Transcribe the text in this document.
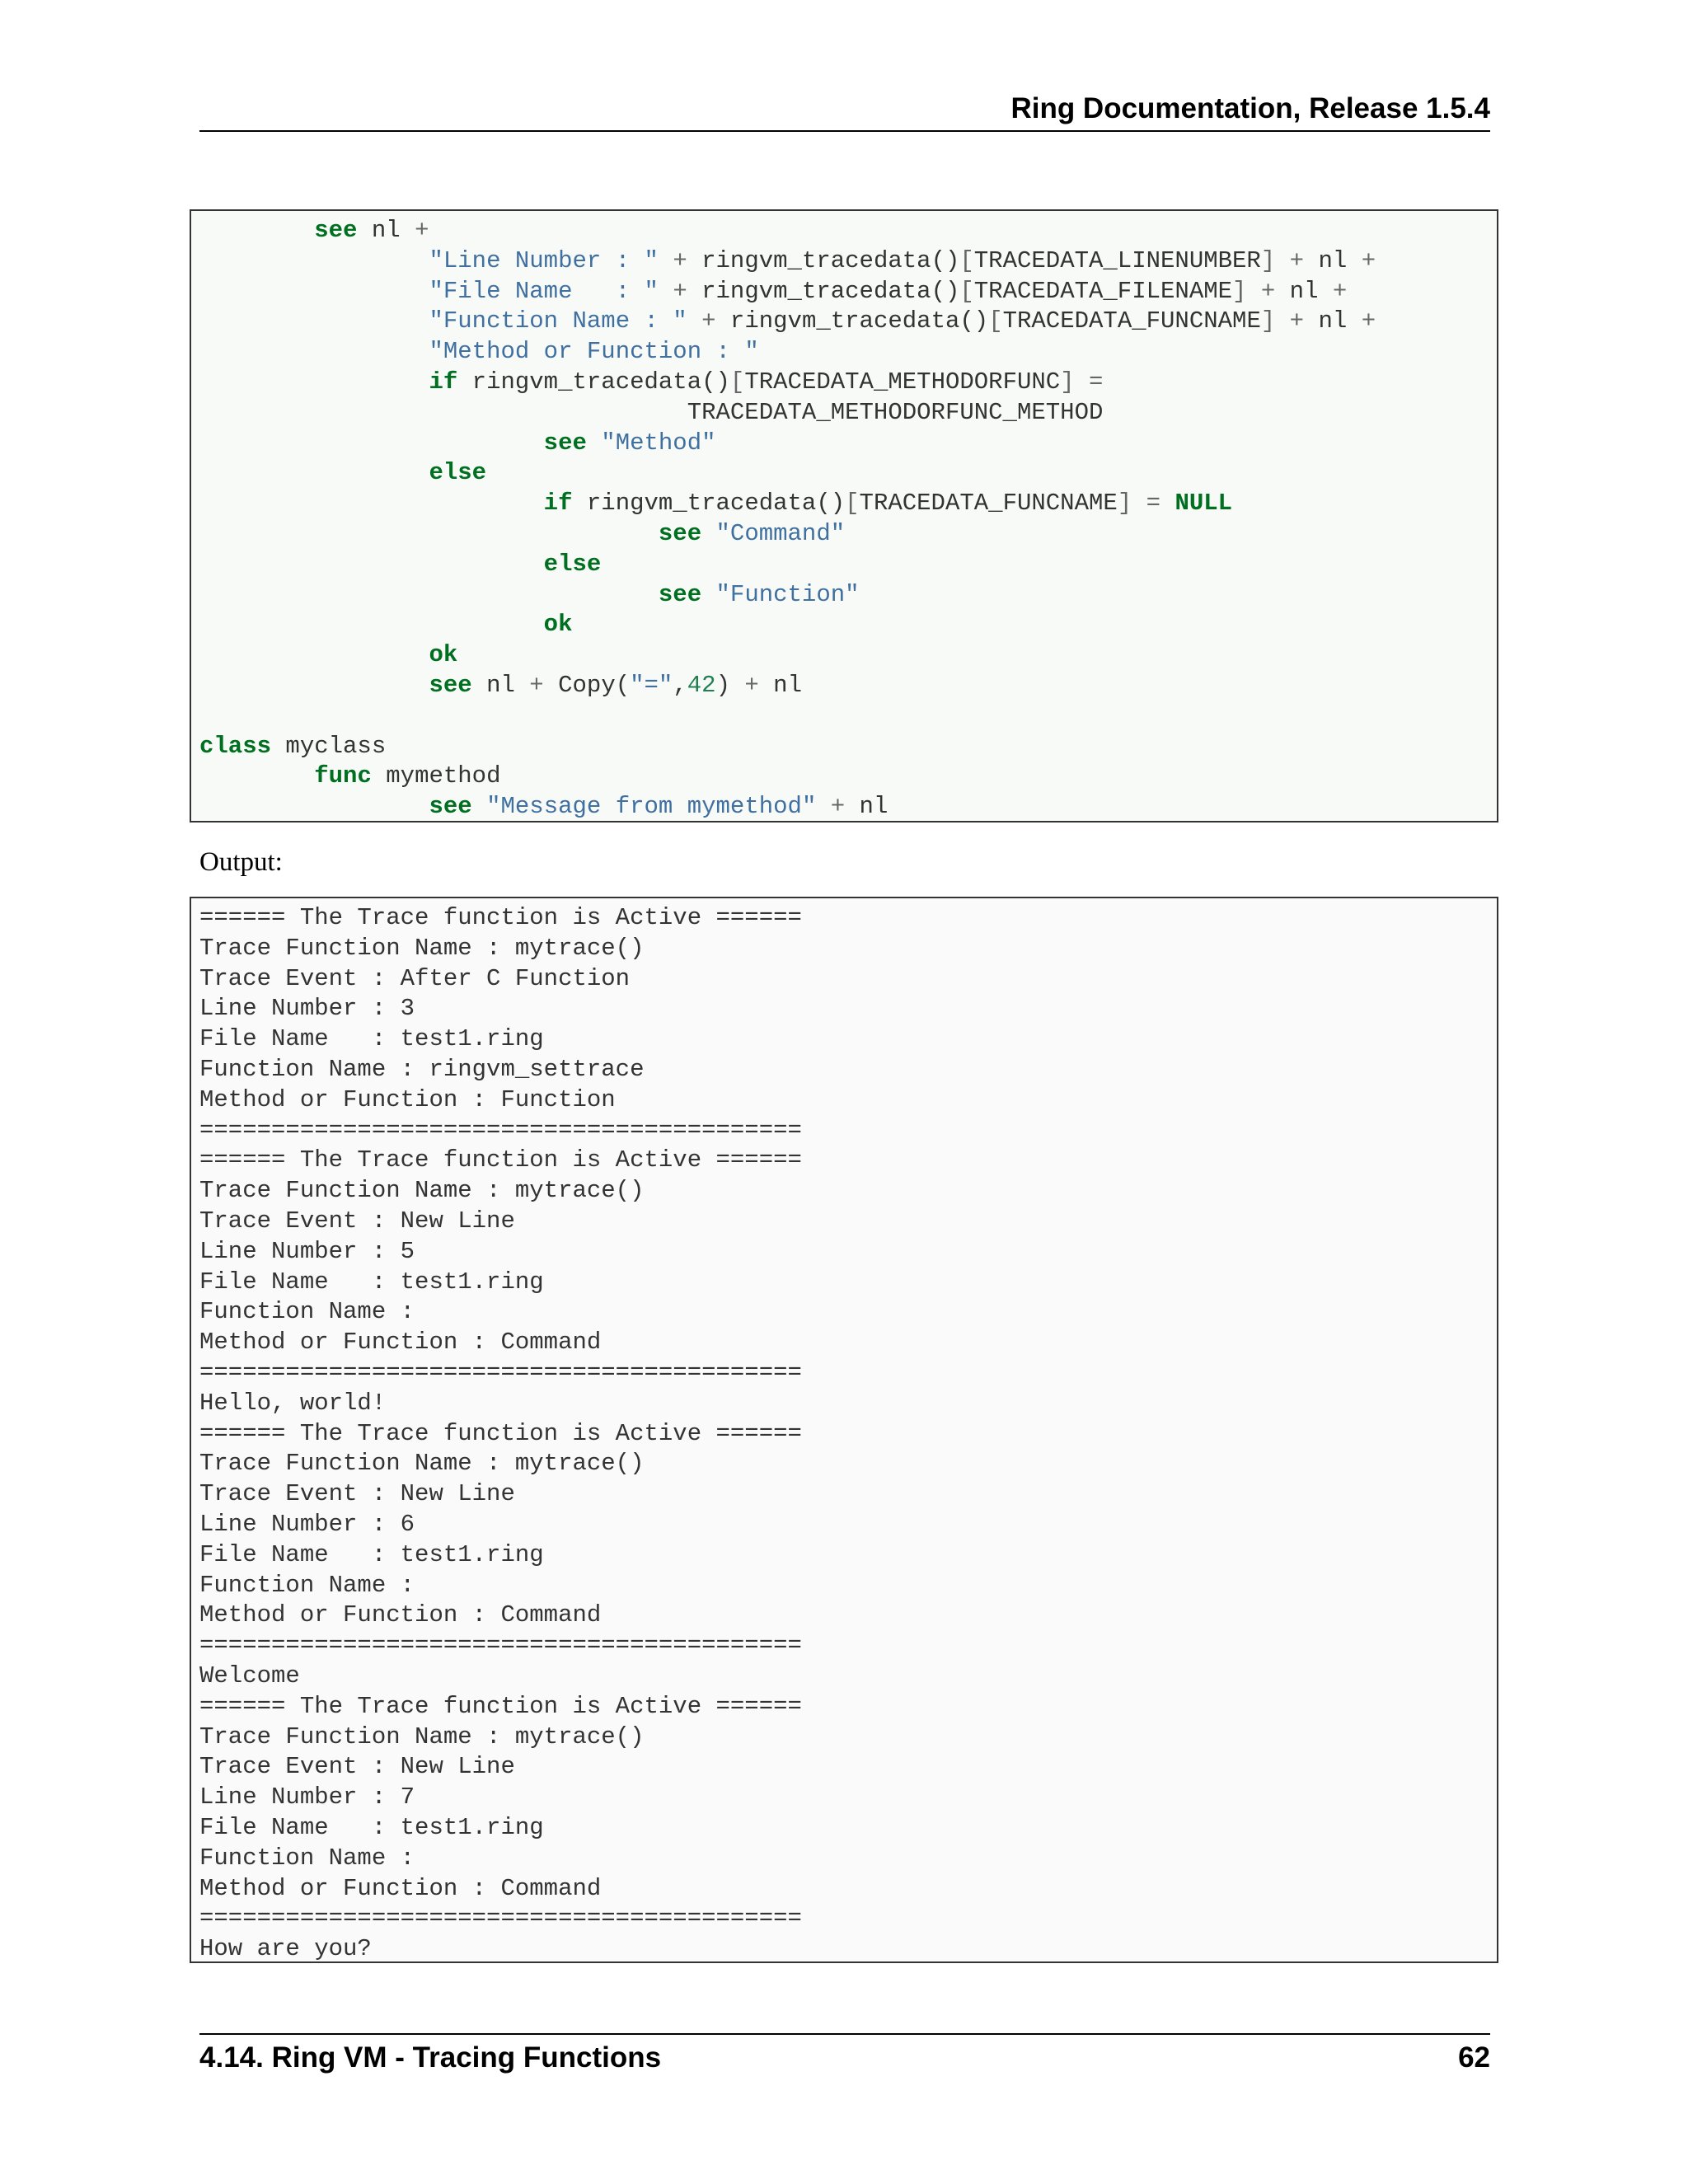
Ring Documentation, Release 1.5.4
see nl +
"Line Number : " + ringvm_tracedata()[TRACEDATA_LINENUMBER] + nl +
"File Name   : " + ringvm_tracedata()[TRACEDATA_FILENAME] + nl +
"Function Name : " + ringvm_tracedata()[TRACEDATA_FUNCNAME] + nl +
"Method or Function : "
if ringvm_tracedata()[TRACEDATA_METHODORFUNC] =
TRACEDATA_METHODORFUNC_METHOD
see "Method"
else
if ringvm_tracedata()[TRACEDATA_FUNCNAME] = NULL
see "Command"
else
see "Function"
ok
ok
see nl + Copy("=",42) + nl
class myclass
func mymethod
see "Message from mymethod" + nl
Output:
====== The Trace function is Active ======
Trace Function Name : mytrace()
Trace Event : After C Function
Line Number : 3
File Name   : test1.ring
Function Name : ringvm_settrace
Method or Function : Function
==========================================
====== The Trace function is Active ======
Trace Function Name : mytrace()
Trace Event : New Line
Line Number : 5
File Name   : test1.ring
Function Name :
Method or Function : Command
==========================================
Hello, world!
====== The Trace function is Active ======
Trace Function Name : mytrace()
Trace Event : New Line
Line Number : 6
File Name   : test1.ring
Function Name :
Method or Function : Command
==========================================
Welcome
====== The Trace function is Active ======
Trace Function Name : mytrace()
Trace Event : New Line
Line Number : 7
File Name   : test1.ring
Function Name :
Method or Function : Command
==========================================
How are you?
4.14. Ring VM - Tracing Functions	62
